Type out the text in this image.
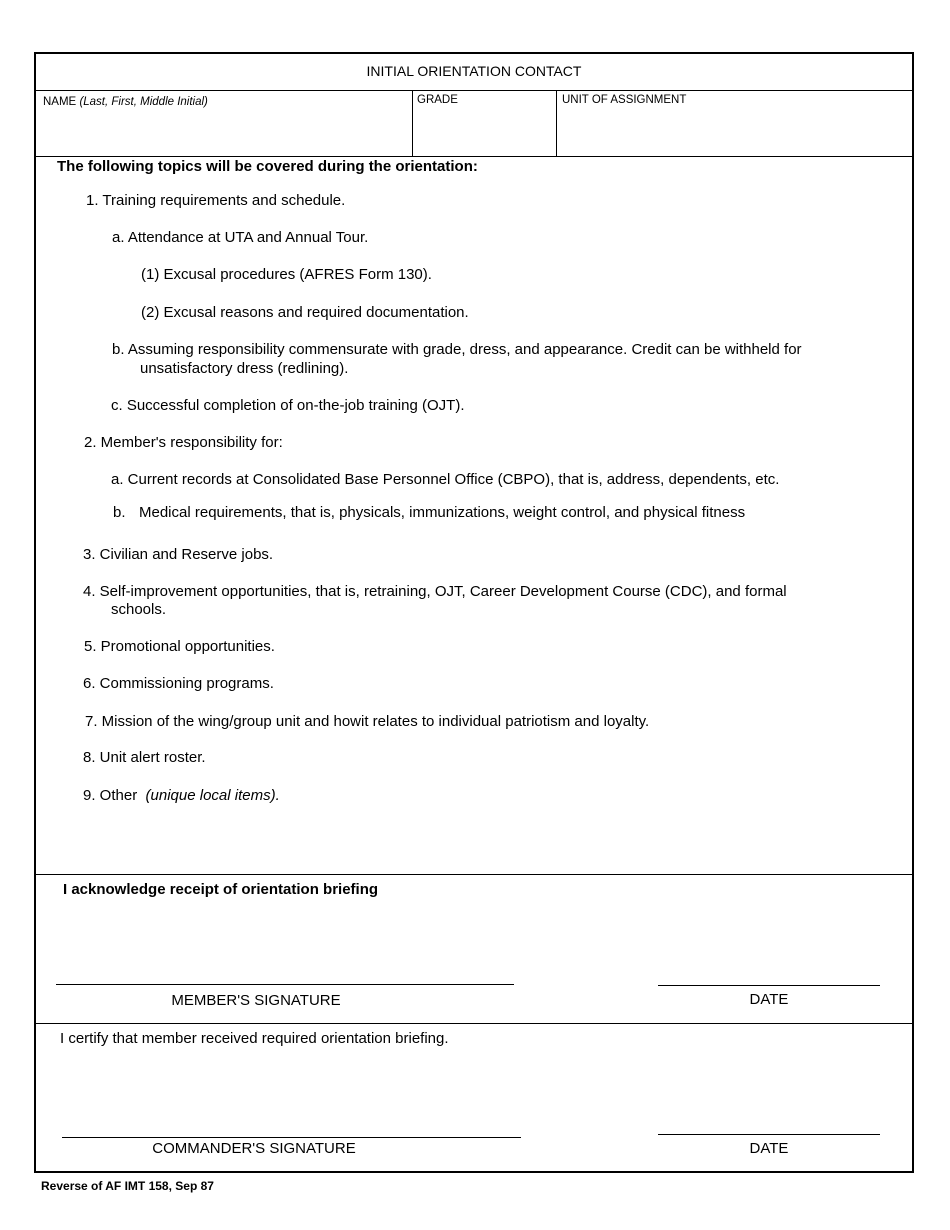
INITIAL ORIENTATION CONTACT
NAME (Last, First, Middle Initial)	GRADE	UNIT OF ASSIGNMENT
The following topics will be covered during the orientation:
1. Training requirements and schedule.
a. Attendance at UTA and Annual Tour.
(1) Excusal procedures (AFRES Form 130).
(2) Excusal reasons and required documentation.
b. Assuming responsibility commensurate with grade, dress, and appearance. Credit can be withheld for
unsatisfactory dress (redlining).
c. Successful completion of on-the-job training (OJT).
2. Member's responsibility for:
a. Current records at Consolidated Base Personnel Office (CBPO), that is, address, dependents, etc.
b. Medical requirements, that is, physicals, immunizations, weight control, and physical fitness
3. Civilian and Reserve jobs.
4. Self-improvement opportunities, that is, retraining, OJT, Career Development Course (CDC), and formal
schools.
5. Promotional opportunities.
6. Commissioning programs.
7. Mission of the wing/group unit and howit relates to individual patriotism and loyalty.
8. Unit alert roster.
9. Other (unique local items).
I acknowledge receipt of orientation briefing
MEMBER'S SIGNATURE	DATE
I certify that member received required orientation briefing.
COMMANDER'S SIGNATURE	DATE
Reverse of AF IMT 158, Sep 87
